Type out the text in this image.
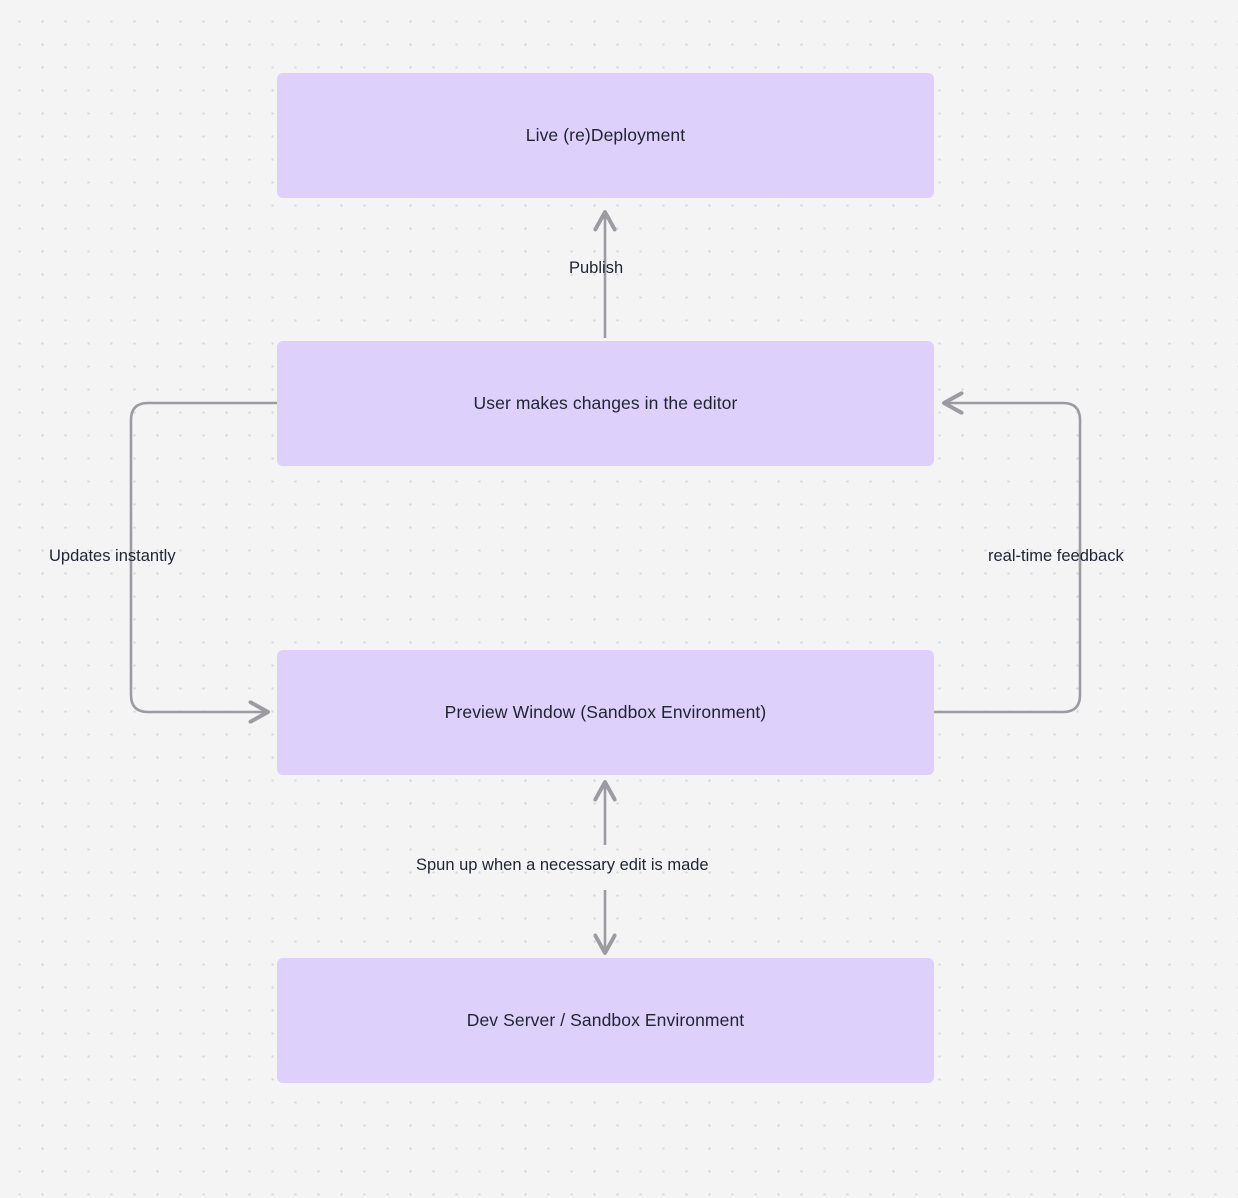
Live (re)Deployment
User makes changes in the editor
Preview Window (Sandbox Environment)
Dev Server / Sandbox Environment
Publish
Updates instantly	real-time feedback
Spun up when a necessary edit is made
